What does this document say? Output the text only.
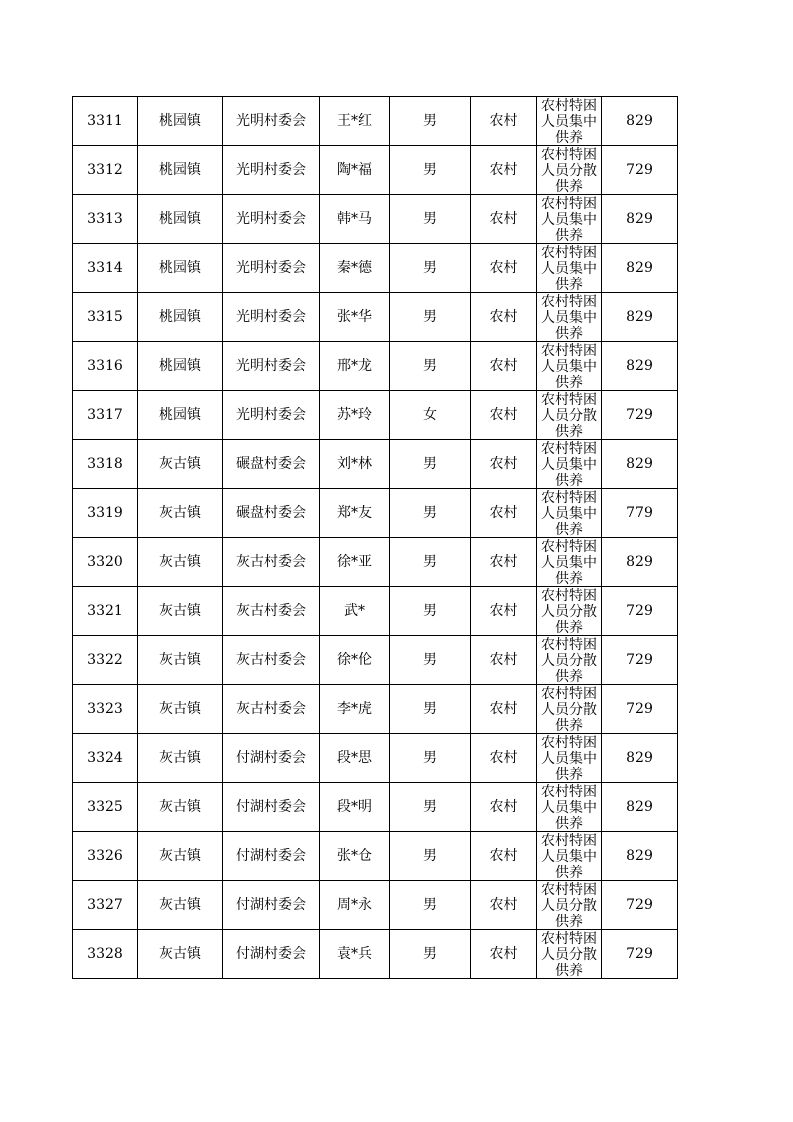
3311	桃园镇	光明村委会	王*红	男	农村	农村特困人员集中供养	829
3312	桃园镇	光明村委会	陶*福	男	农村	农村特困人员分散供养	729
3313	桃园镇	光明村委会	韩*马	男	农村	农村特困人员集中供养	829
3314	桃园镇	光明村委会	秦*德	男	农村	农村特困人员集中供养	829
3315	桃园镇	光明村委会	张*华	男	农村	农村特困人员集中供养	829
3316	桃园镇	光明村委会	邢*龙	男	农村	农村特困人员集中供养	829
3317	桃园镇	光明村委会	苏*玲	女	农村	农村特困人员分散供养	729
3318	灰古镇	碾盘村委会	刘*林	男	农村	农村特困人员集中供养	829
3319	灰古镇	碾盘村委会	郑*友	男	农村	农村特困人员集中供养	779
3320	灰古镇	灰古村委会	徐*亚	男	农村	农村特困人员集中供养	829
3321	灰古镇	灰古村委会	武*	男	农村	农村特困人员分散供养	729
3322	灰古镇	灰古村委会	徐*伦	男	农村	农村特困人员分散供养	729
3323	灰古镇	灰古村委会	李*虎	男	农村	农村特困人员分散供养	729
3324	灰古镇	付湖村委会	段*思	男	农村	农村特困人员集中供养	829
3325	灰古镇	付湖村委会	段*明	男	农村	农村特困人员集中供养	829
3326	灰古镇	付湖村委会	张*仓	男	农村	农村特困人员集中供养	829
3327	灰古镇	付湖村委会	周*永	男	农村	农村特困人员分散供养	729
3328	灰古镇	付湖村委会	袁*兵	男	农村	农村特困人员分散供养	729
